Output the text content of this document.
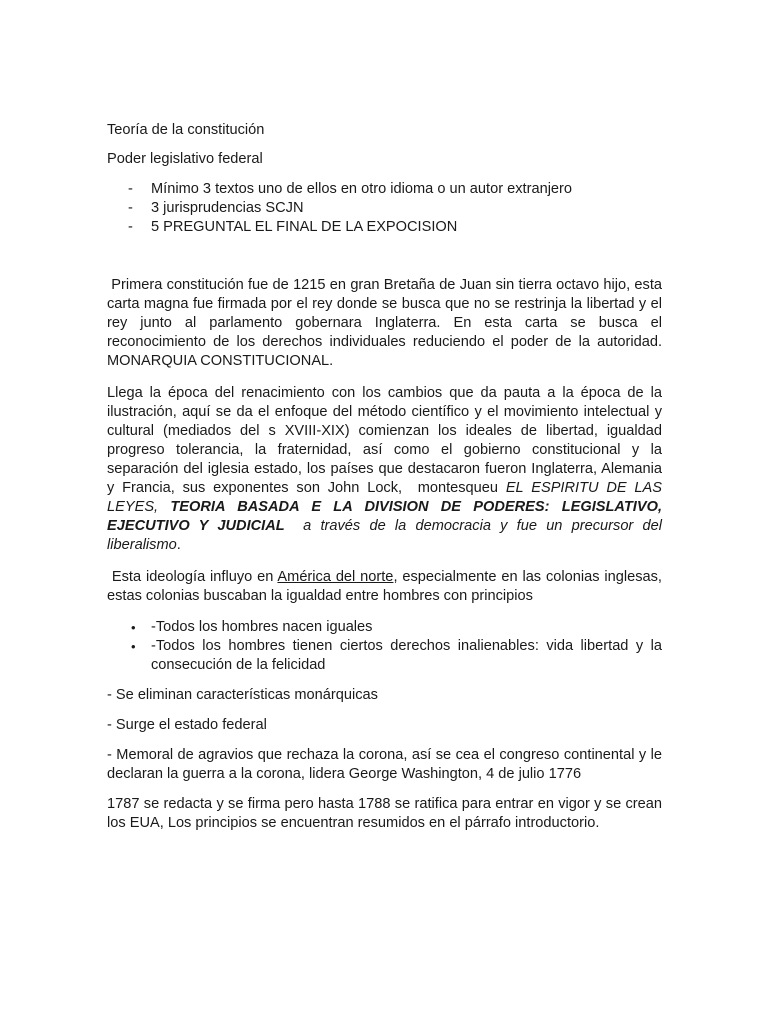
Teoría de la constitución

Poder legislativo federal

- Mínimo 3 textos uno de ellos en otro idioma o un autor extranjero
- 3 jurisprudencias SCJN
- 5 PREGUNTAL EL FINAL DE LA EXPOCISION

Primera constitución fue de 1215 en gran Bretaña de Juan sin tierra octavo hijo, esta carta magna fue firmada por el rey donde se busca que no se restrinja la libertad y el rey junto al parlamento gobernara Inglaterra. En esta carta se busca el reconocimiento de los derechos individuales reduciendo el poder de la autoridad. MONARQUIA CONSTITUCIONAL.

Llega la época del renacimiento con los cambios que da pauta a la época de la ilustración, aquí se da el enfoque del método científico y el movimiento intelectual y cultural (mediados del s XVIII-XIX) comienzan los ideales de libertad, igualdad progreso tolerancia, la fraternidad, así como el gobierno constitucional y la separación del iglesia estado, los países que destacaron fueron Inglaterra, Alemania y Francia, sus exponentes son John Lock,  montesqueu EL ESPIRITU DE LAS LEYES, TEORIA BASADA E LA DIVISION DE PODERES: LEGISLATIVO, EJECUTIVO Y JUDICIAL  a través de la democracia y fue un precursor del liberalismo.

Esta ideología influyo en América del norte, especialmente en las colonias inglesas, estas colonias buscaban la igualdad entre hombres con principios

• -Todos los hombres nacen iguales
• -Todos los hombres tienen ciertos derechos inalienables: vida libertad y la consecución de la felicidad

- Se eliminan características monárquicas

- Surge el estado federal

- Memoral de agravios que rechaza la corona, así se cea el congreso continental y le declaran la guerra a la corona, lidera George Washington, 4 de julio 1776

1787 se redacta y se firma pero hasta 1788 se ratifica para entrar en vigor y se crean los EUA, Los principios se encuentran resumidos en el párrafo introductorio.
